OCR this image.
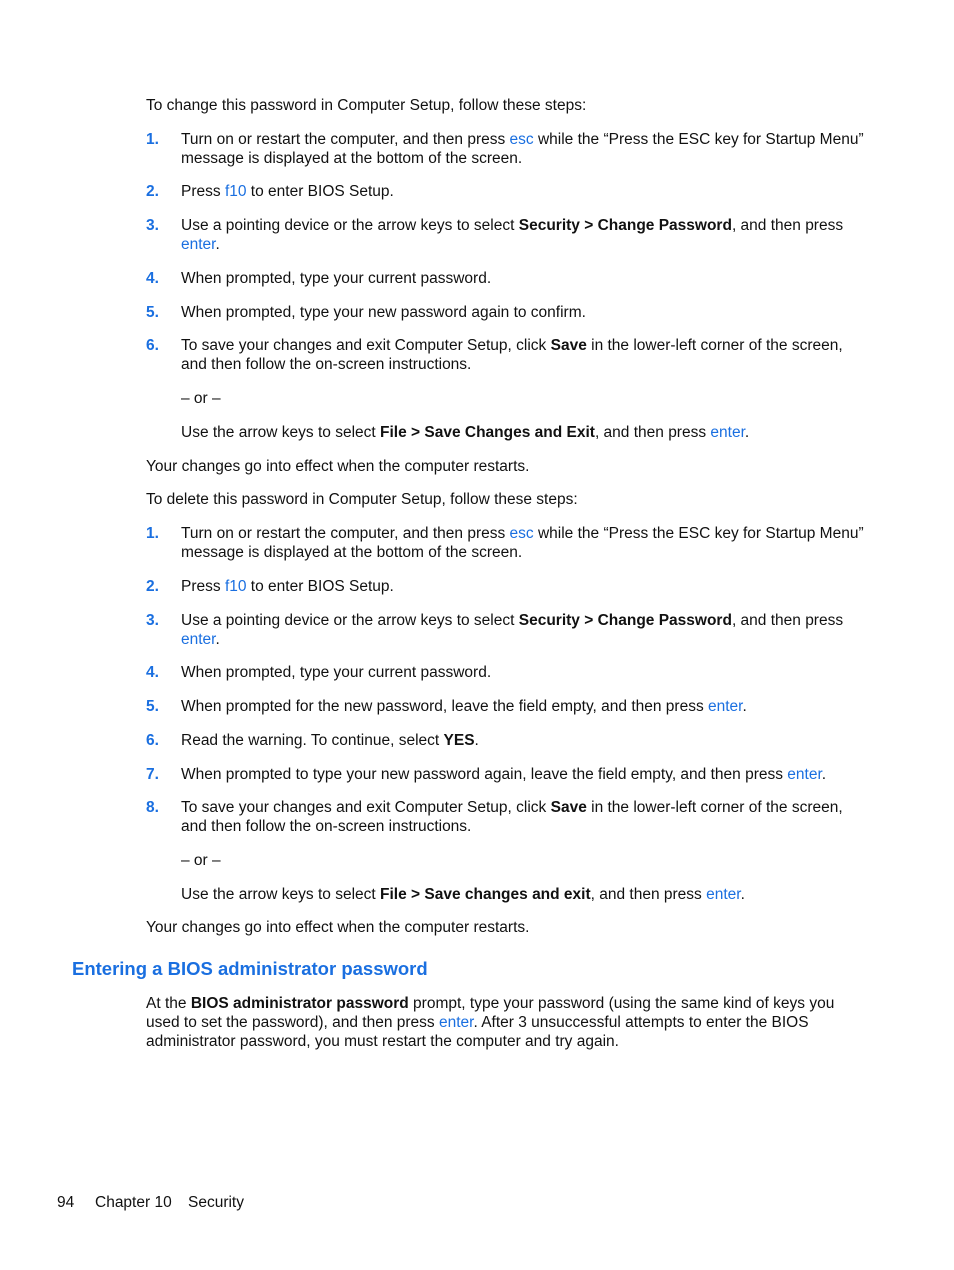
To change this password in Computer Setup, follow these steps:
1. Turn on or restart the computer, and then press esc while the “Press the ESC key for Startup Menu” message is displayed at the bottom of the screen.
2. Press f10 to enter BIOS Setup.
3. Use a pointing device or the arrow keys to select Security > Change Password, and then press enter.
4. When prompted, type your current password.
5. When prompted, type your new password again to confirm.
6. To save your changes and exit Computer Setup, click Save in the lower-left corner of the screen, and then follow the on-screen instructions.
– or –
Use the arrow keys to select File > Save Changes and Exit, and then press enter.
Your changes go into effect when the computer restarts.
To delete this password in Computer Setup, follow these steps:
1. Turn on or restart the computer, and then press esc while the “Press the ESC key for Startup Menu” message is displayed at the bottom of the screen.
2. Press f10 to enter BIOS Setup.
3. Use a pointing device or the arrow keys to select Security > Change Password, and then press enter.
4. When prompted, type your current password.
5. When prompted for the new password, leave the field empty, and then press enter.
6. Read the warning. To continue, select YES.
7. When prompted to type your new password again, leave the field empty, and then press enter.
8. To save your changes and exit Computer Setup, click Save in the lower-left corner of the screen, and then follow the on-screen instructions.
– or –
Use the arrow keys to select File > Save changes and exit, and then press enter.
Your changes go into effect when the computer restarts.
Entering a BIOS administrator password
At the BIOS administrator password prompt, type your password (using the same kind of keys you used to set the password), and then press enter. After 3 unsuccessful attempts to enter the BIOS administrator password, you must restart the computer and try again.
94 Chapter 10 Security
